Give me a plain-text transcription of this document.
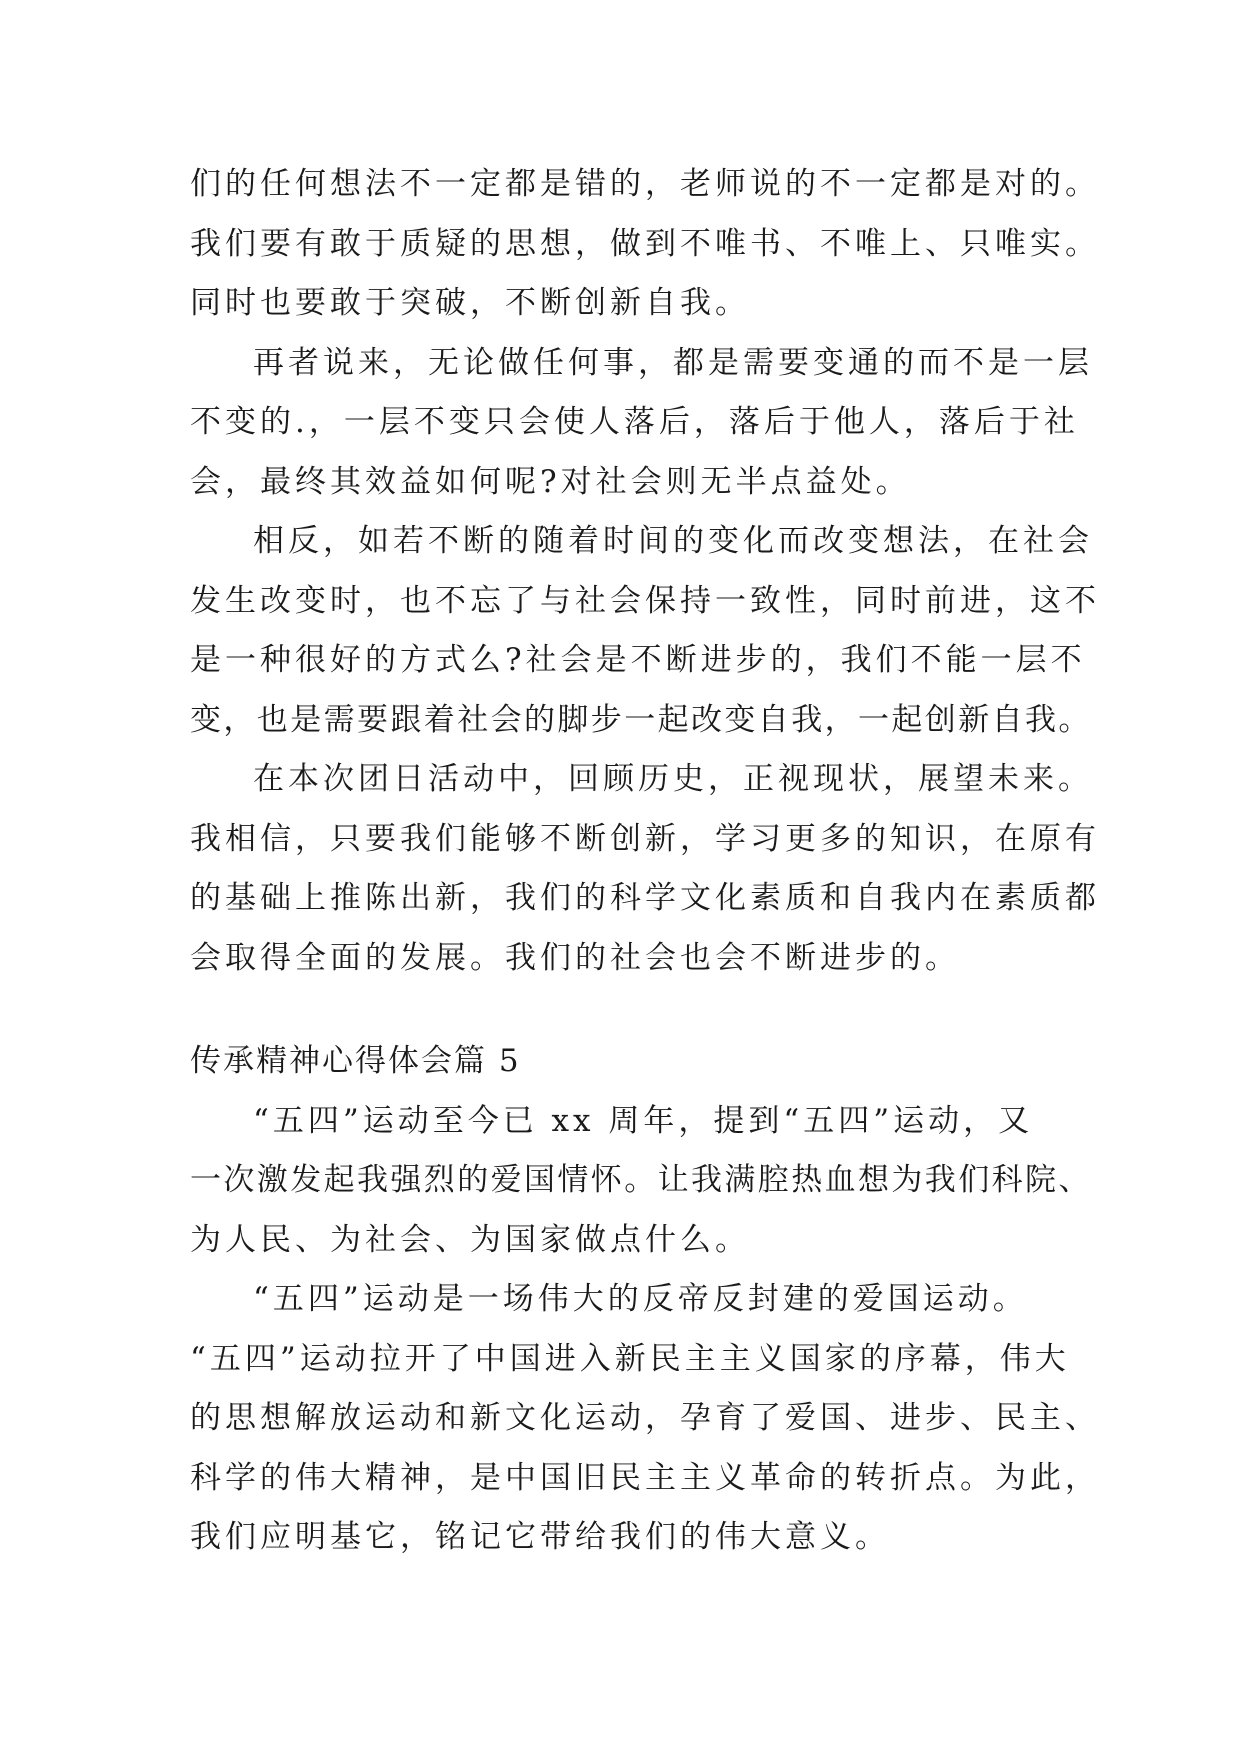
们的任何想法不一定都是错的，老师说的不一定都是对的。
我们要有敢于质疑的思想，做到不唯书、不唯上、只唯实。
同时也要敢于突破，不断创新自我。
再者说来，无论做任何事，都是需要变通的而不是一层
不变的.，一层不变只会使人落后，落后于他人，落后于社
会，最终其效益如何呢?对社会则无半点益处。
相反，如若不断的随着时间的变化而改变想法，在社会
发生改变时，也不忘了与社会保持一致性，同时前进，这不
是一种很好的方式么?社会是不断进步的，我们不能一层不
变，也是需要跟着社会的脚步一起改变自我，一起创新自我。
在本次团日活动中，回顾历史，正视现状，展望未来。
我相信，只要我们能够不断创新，学习更多的知识，在原有
的基础上推陈出新，我们的科学文化素质和自我内在素质都
会取得全面的发展。我们的社会也会不断进步的。
传承精神心得体会篇 5
“五四”运动至今已 xx 周年，提到“五四”运动，又
一次激发起我强烈的爱国情怀。让我满腔热血想为我们科院、
为人民、为社会、为国家做点什么。
“五四”运动是一场伟大的反帝反封建的爱国运动。
“五四”运动拉开了中国进入新民主主义国家的序幕，伟大
的思想解放运动和新文化运动，孕育了爱国、进步、民主、
科学的伟大精神，是中国旧民主主义革命的转折点。为此，
我们应明基它，铭记它带给我们的伟大意义。
